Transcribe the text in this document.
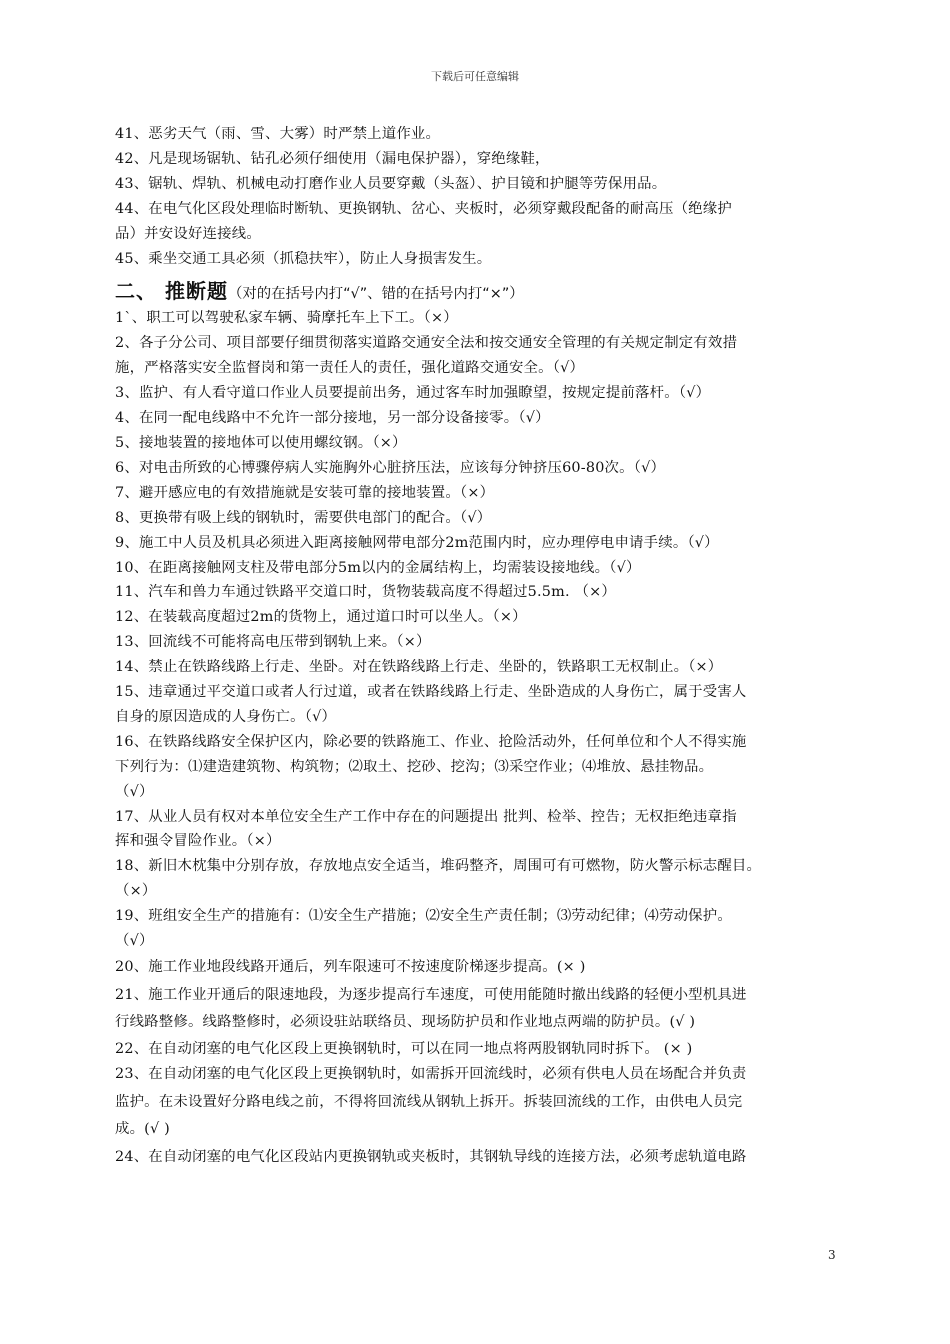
下载后可任意编辑
41、恶劣天气（雨、雪、大雾）时严禁上道作业。
42、凡是现场锯轨、钻孔必须仔细使用（漏电保护器），穿绝缘鞋，
43、锯轨、焊轨、机械电动打磨作业人员要穿戴（头盔）、护目镜和护腿等劳保用品。
44、在电气化区段处理临时断轨、更换钢轨、岔心、夹板时，必须穿戴段配备的耐高压（绝缘护
品）并安设好连接线。
45、乘坐交通工具必须（抓稳扶牢），防止人身损害发生。
二、 推断题（对的在括号内打“√”、错的在括号内打“×”）
1`、职工可以驾驶私家车辆、骑摩托车上下工。（×）
2、各子分公司、项目部要仔细贯彻落实道路交通安全法和按交通安全管理的有关规定制定有效措
施，严格落实安全监督岗和第一责任人的责任，强化道路交通安全。（√）
3、监护、有人看守道口作业人员要提前出务，通过客车时加强瞭望，按规定提前落杆。（√）
4、在同一配电线路中不允许一部分接地，另一部分设备接零。（√）
5、接地装置的接地体可以使用螺纹钢。（×）
6、对电击所致的心博骤停病人实施胸外心脏挤压法，应该每分钟挤压60-80次。（√）
7、避开感应电的有效措施就是安装可靠的接地装置。（×）
8、更换带有吸上线的钢轨时，需要供电部门的配合。（√）
9、施工中人员及机具必须进入距离接触网带电部分2m范围内时，应办理停电申请手续。（√）
10、在距离接触网支柱及带电部分5m以内的金属结构上，均需装设接地线。（√）
11、汽车和兽力车通过铁路平交道口时，货物装载高度不得超过5.5m. （×）
12、在装载高度超过2m的货物上，通过道口时可以坐人。（×）
13、回流线不可能将高电压带到钢轨上来。（×）
14、禁止在铁路线路上行走、坐卧。对在铁路线路上行走、坐卧的，铁路职工无权制止。（×）
15、违章通过平交道口或者人行过道，或者在铁路线路上行走、坐卧造成的人身伤亡，属于受害人
自身的原因造成的人身伤亡。（√）
16、在铁路线路安全保护区内，除必要的铁路施工、作业、抢险活动外，任何单位和个人不得实施
下列行为：⑴建造建筑物、构筑物；⑵取土、挖砂、挖沟；⑶采空作业；⑷堆放、悬挂物品。
（√）
17、从业人员有权对本单位安全生产工作中存在的问题提出 批判、检举、控告；无权拒绝违章指
挥和强令冒险作业。（×）
18、新旧木枕集中分别存放，存放地点安全适当，堆码整齐，周围可有可燃物，防火警示标志醒目。
（×）
19、班组安全生产的措施有：⑴安全生产措施；⑵安全生产责任制；⑶劳动纪律；⑷劳动保护。
（√）
20、施工作业地段线路开通后，列车限速可不按速度阶梯逐步提高。(× )
21、施工作业开通后的限速地段，为逐步提高行车速度，可使用能随时撤出线路的轻便小型机具进
行线路整修。线路整修时，必须设驻站联络员、现场防护员和作业地点两端的防护员。(√ )
22、在自动闭塞的电气化区段上更换钢轨时，可以在同一地点将两股钢轨同时拆下。 (× )
23、在自动闭塞的电气化区段上更换钢轨时，如需拆开回流线时，必须有供电人员在场配合并负责
监护。在未设置好分路电线之前，不得将回流线从钢轨上拆开。拆装回流线的工作，由供电人员完
成。(√ )
24、在自动闭塞的电气化区段站内更换钢轨或夹板时，其钢轨导线的连接方法，必须考虑轨道电路
3
